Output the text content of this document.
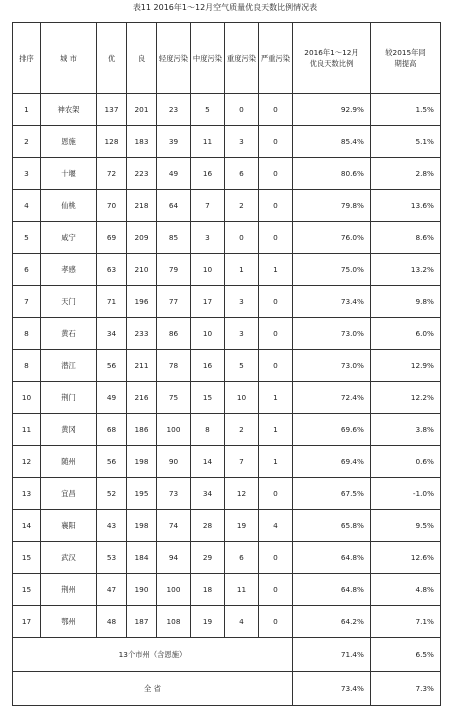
表11 2016年1～12月空气质量优良天数比例情况表
排序	城 市	优	良	轻度污染	中度污染	重度污染	严重污染	2016年1～12月优良天数比例	较2015年同期提高
1	神农架	137	201	23	5	0	0	92.9%	1.5%
2	恩施	128	183	39	11	3	0	85.4%	5.1%
3	十堰	72	223	49	16	6	0	80.6%	2.8%
4	仙桃	70	218	64	7	2	0	79.8%	13.6%
5	咸宁	69	209	85	3	0	0	76.0%	8.6%
6	孝感	63	210	79	10	1	1	75.0%	13.2%
7	天门	71	196	77	17	3	0	73.4%	9.8%
8	黄石	34	233	86	10	3	0	73.0%	6.0%
8	潜江	56	211	78	16	5	0	73.0%	12.9%
10	荆门	49	216	75	15	10	1	72.4%	12.2%
11	黄冈	68	186	100	8	2	1	69.6%	3.8%
12	随州	56	198	90	14	7	1	69.4%	0.6%
13	宜昌	52	195	73	34	12	0	67.5%	-1.0%
14	襄阳	43	198	74	28	19	4	65.8%	9.5%
15	武汉	53	184	94	29	6	0	64.8%	12.6%
15	荆州	47	190	100	18	11	0	64.8%	4.8%
17	鄂州	48	187	108	19	4	0	64.2%	7.1%
13个市州（含恩施）								71.4%	6.5%
全 省								73.4%	7.3%
